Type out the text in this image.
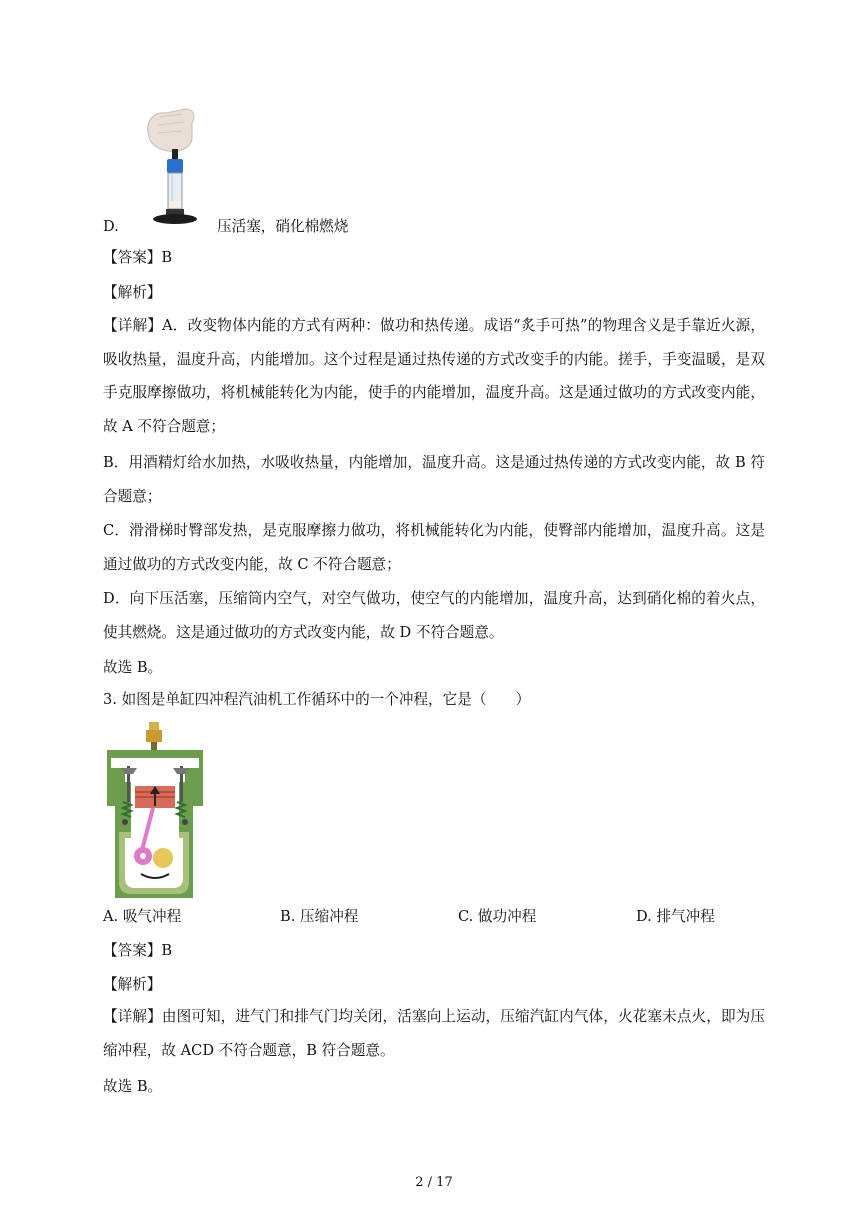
D.	压活塞，硝化棉燃烧
【答案】B
【解析】
【详解】A．改变物体内能的方式有两种：做功和热传递。成语“炙手可热”的物理含义是手靠近火源，吸收热量，温度升高，内能增加。这个过程是通过热传递的方式改变手的内能。搓手，手变温暖，是双手克服摩擦做功，将机械能转化为内能，使手的内能增加，温度升高。这是通过做功的方式改变内能，故 A 不符合题意；
B．用酒精灯给水加热，水吸收热量，内能增加，温度升高。这是通过热传递的方式改变内能，故 B 符合题意；
C．滑滑梯时臀部发热，是克服摩擦力做功，将机械能转化为内能，使臀部内能增加，温度升高。这是通过做功的方式改变内能，故 C 不符合题意；
D．向下压活塞，压缩筒内空气，对空气做功，使空气的内能增加，温度升高，达到硝化棉的着火点，使其燃烧。这是通过做功的方式改变内能，故 D 不符合题意。
故选 B。
3. 如图是单缸四冲程汽油机工作循环中的一个冲程，它是（　　）
A. 吸气冲程	B. 压缩冲程	C. 做功冲程	D. 排气冲程
【答案】B
【解析】
【详解】由图可知，进气门和排气门均关闭，活塞向上运动，压缩汽缸内气体，火花塞未点火，即为压缩冲程，故 ACD 不符合题意，B 符合题意。
故选 B。
2 / 17
